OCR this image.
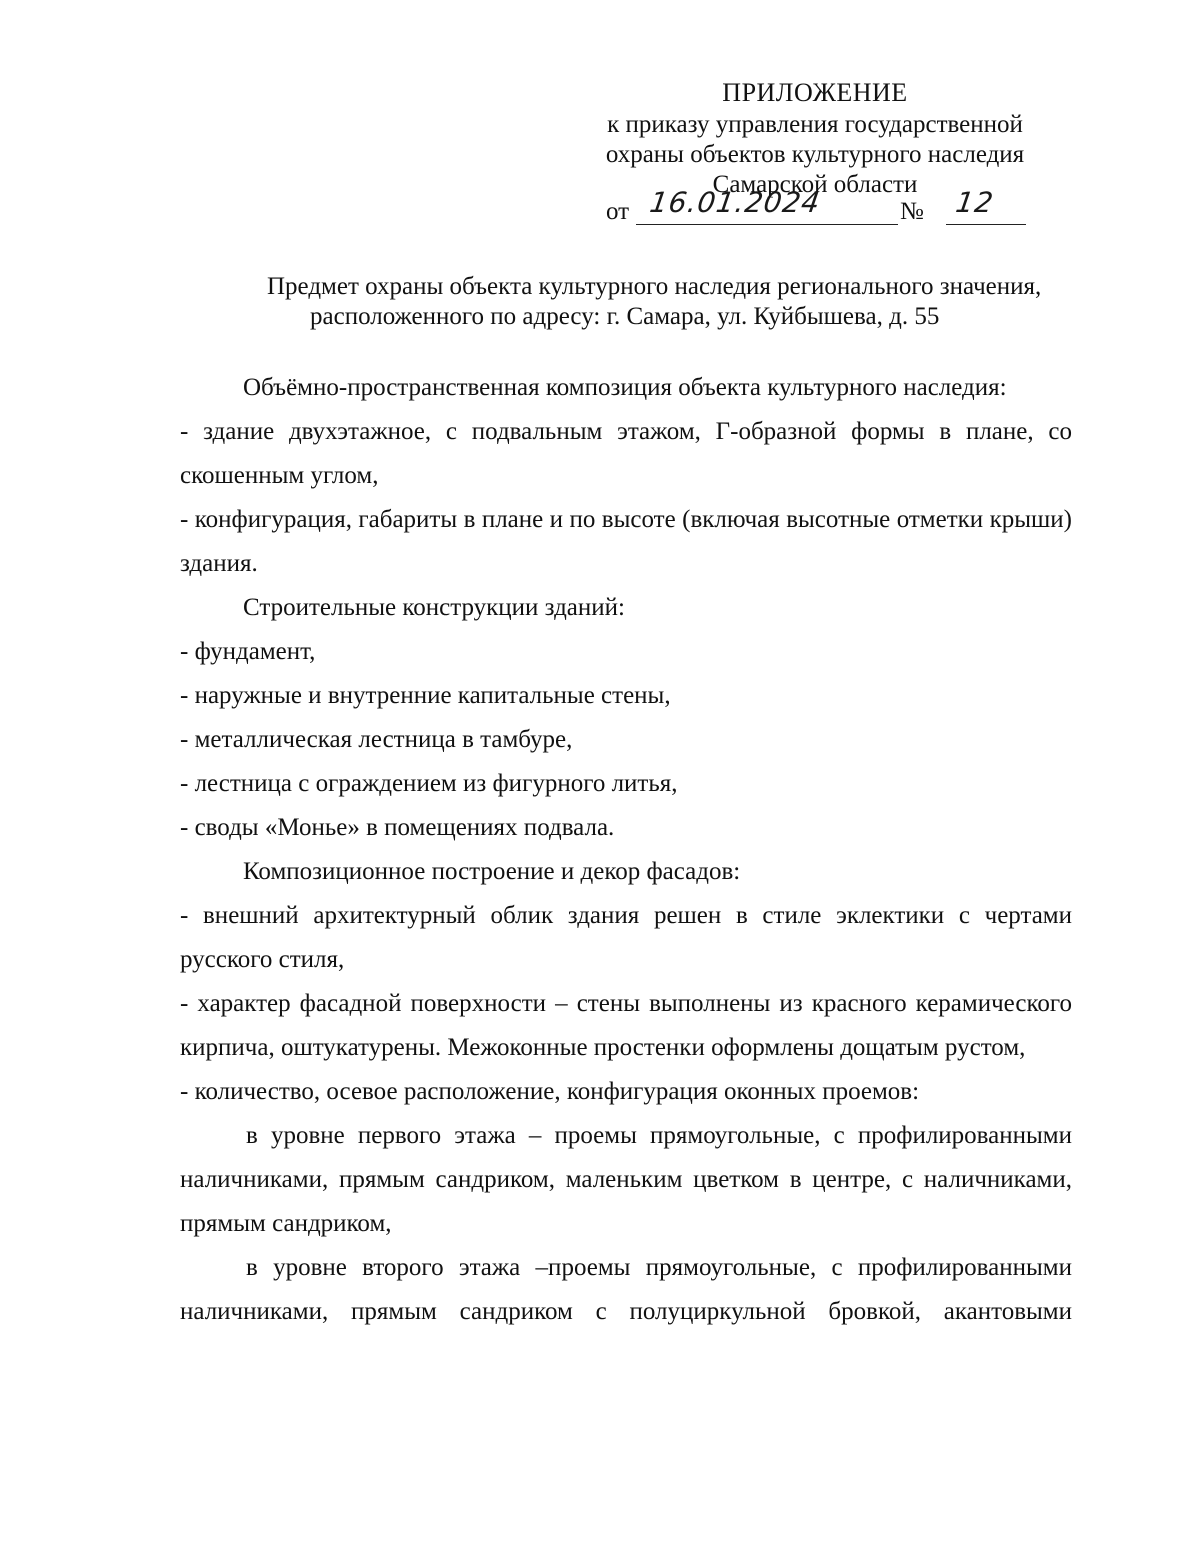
ПРИЛОЖЕНИЕ
к приказу управления государственной
охраны объектов культурного наследия
Самарской области
от 16.01.2024	№ 12
Предмет охраны объекта культурного наследия регионального значения,
расположенного по адресу: г. Самара, ул. Куйбышева, д. 55

Объёмно-пространственная композиция объекта культурного наследия:

- здание двухэтажное, с подвальным этажом, Г-образной формы в плане, со скошенным углом,

- конфигурация, габариты в плане и по высоте (включая высотные отметки крыши) здания.

Строительные конструкции зданий:

- фундамент,

- наружные и внутренние капитальные стены,

- металлическая лестница в тамбуре,

- лестница с ограждением из фигурного литья,

- своды «Монье» в помещениях подвала.

Композиционное построение и декор фасадов:

- внешний архитектурный облик здания решен в стиле эклектики с чертами русского стиля,

- характер фасадной поверхности – стены выполнены из красного керамического кирпича, оштукатурены. Межоконные простенки оформлены дощатым рустом,

- количество, осевое расположение, конфигурация оконных проемов:

в уровне первого этажа – проемы прямоугольные, с профилированными наличниками, прямым сандриком, маленьким цветком в центре, с наличниками, прямым сандриком,

в уровне второго этажа –проемы прямоугольные, с профилированными наличниками, прямым сандриком с полуциркульной бровкой, акантовыми
